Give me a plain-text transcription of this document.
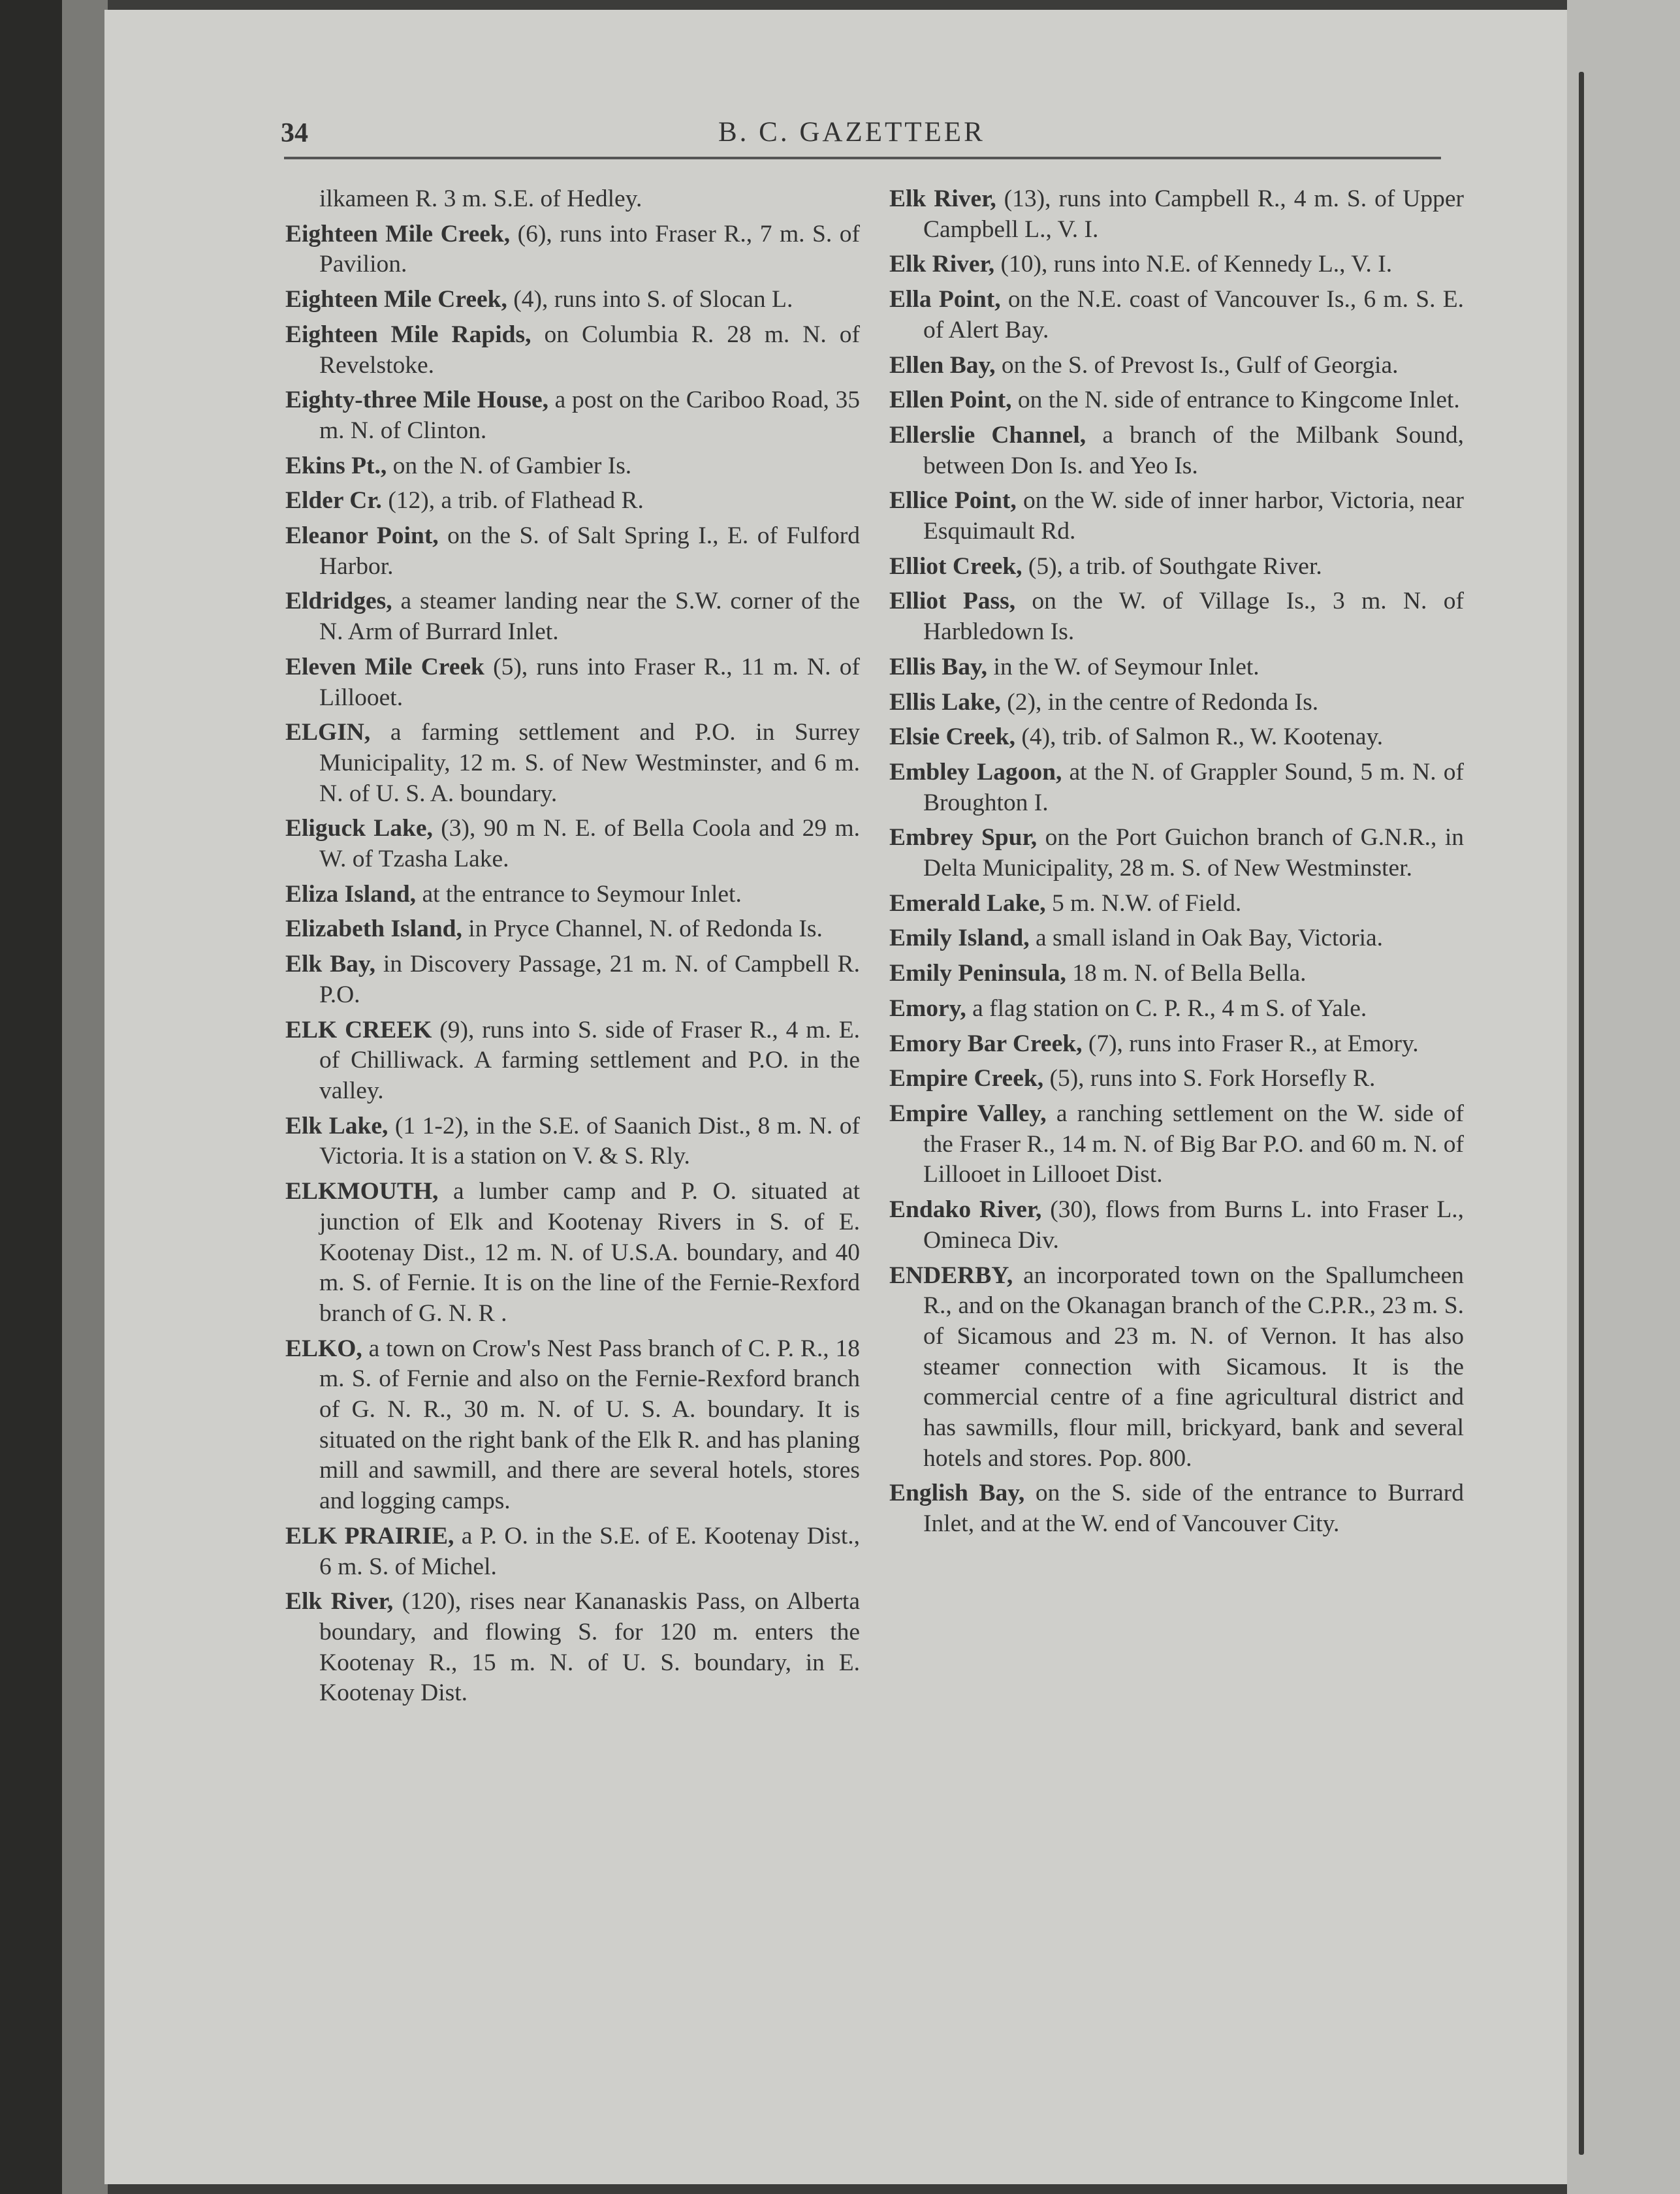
34	B. C. GAZETTEER
ilkameen R. 3 m. S.E. of Hedley.
Eighteen Mile Creek, (6), runs into Fraser R., 7 m. S. of Pavilion.
Eighteen Mile Creek, (4), runs into S. of Slocan L.
Eighteen Mile Rapids, on Columbia R. 28 m. N. of Revelstoke.
Eighty-three Mile House, a post on the Cariboo Road, 35 m. N. of Clinton.
Ekins Pt., on the N. of Gambier Is.
Elder Cr. (12), a trib. of Flathead R.
Eleanor Point, on the S. of Salt Spring I., E. of Fulford Harbor.
Eldridges, a steamer landing near the S.W. corner of the N. Arm of Burrard Inlet.
Eleven Mile Creek (5), runs into Fraser R., 11 m. N. of Lillooet.
ELGIN, a farming settlement and P.O. in Surrey Municipality, 12 m. S. of New Westminster, and 6 m. N. of U. S. A. boundary.
Eliguck Lake, (3), 90 m N. E. of Bella Coola and 29 m. W. of Tzasha Lake.
Eliza Island, at the entrance to Seymour Inlet.
Elizabeth Island, in Pryce Channel, N. of Redonda Is.
Elk Bay, in Discovery Passage, 21 m. N. of Campbell R. P.O.
ELK CREEK (9), runs into S. side of Fraser R., 4 m. E. of Chilliwack. A farming settlement and P.O. in the valley.
Elk Lake, (1 1-2), in the S.E. of Saanich Dist., 8 m. N. of Victoria. It is a station on V. & S. Rly.
ELKMOUTH, a lumber camp and P. O. situated at junction of Elk and Kootenay Rivers in S. of E. Kootenay Dist., 12 m. N. of U.S.A. boundary, and 40 m. S. of Fernie. It is on the line of the Fernie-Rexford branch of G. N. R .
ELKO, a town on Crow's Nest Pass branch of C. P. R., 18 m. S. of Fernie and also on the Fernie-Rexford branch of G. N. R., 30 m. N. of U. S. A. boundary. It is situated on the right bank of the Elk R. and has planing mill and sawmill, and there are several hotels, stores and logging camps.
ELK PRAIRIE, a P. O. in the S.E. of E. Kootenay Dist., 6 m. S. of Michel.
Elk River, (120), rises near Kananaskis Pass, on Alberta boundary, and flowing S. for 120 m. enters the Kootenay R., 15 m. N. of U. S. boundary, in E. Kootenay Dist.
Elk River, (13), runs into Campbell R., 4 m. S. of Upper Campbell L., V. I.
Elk River, (10), runs into N.E. of Kennedy L., V. I.
Ella Point, on the N.E. coast of Vancouver Is., 6 m. S. E. of Alert Bay.
Ellen Bay, on the S. of Prevost Is., Gulf of Georgia.
Ellen Point, on the N. side of entrance to Kingcome Inlet.
Ellerslie Channel, a branch of the Milbank Sound, between Don Is. and Yeo Is.
Ellice Point, on the W. side of inner harbor, Victoria, near Esquimault Rd.
Elliot Creek, (5), a trib. of Southgate River.
Elliot Pass, on the W. of Village Is., 3 m. N. of Harbledown Is.
Ellis Bay, in the W. of Seymour Inlet.
Ellis Lake, (2), in the centre of Redonda Is.
Elsie Creek, (4), trib. of Salmon R., W. Kootenay.
Embley Lagoon, at the N. of Grappler Sound, 5 m. N. of Broughton I.
Embrey Spur, on the Port Guichon branch of G.N.R., in Delta Municipality, 28 m. S. of New Westminster.
Emerald Lake, 5 m. N.W. of Field.
Emily Island, a small island in Oak Bay, Victoria.
Emily Peninsula, 18 m. N. of Bella Bella.
Emory, a flag station on C. P. R., 4 m S. of Yale.
Emory Bar Creek, (7), runs into Fraser R., at Emory.
Empire Creek, (5), runs into S. Fork Horsefly R.
Empire Valley, a ranching settlement on the W. side of the Fraser R., 14 m. N. of Big Bar P.O. and 60 m. N. of Lillooet in Lillooet Dist.
Endako River, (30), flows from Burns L. into Fraser L., Omineca Div.
ENDERBY, an incorporated town on the Spallumcheen R., and on the Okanagan branch of the C.P.R., 23 m. S. of Sicamous and 23 m. N. of Vernon. It has also steamer connection with Sicamous. It is the commercial centre of a fine agricultural district and has sawmills, flour mill, brickyard, bank and several hotels and stores. Pop. 800.
English Bay, on the S. side of the entrance to Burrard Inlet, and at the W. end of Vancouver City.
